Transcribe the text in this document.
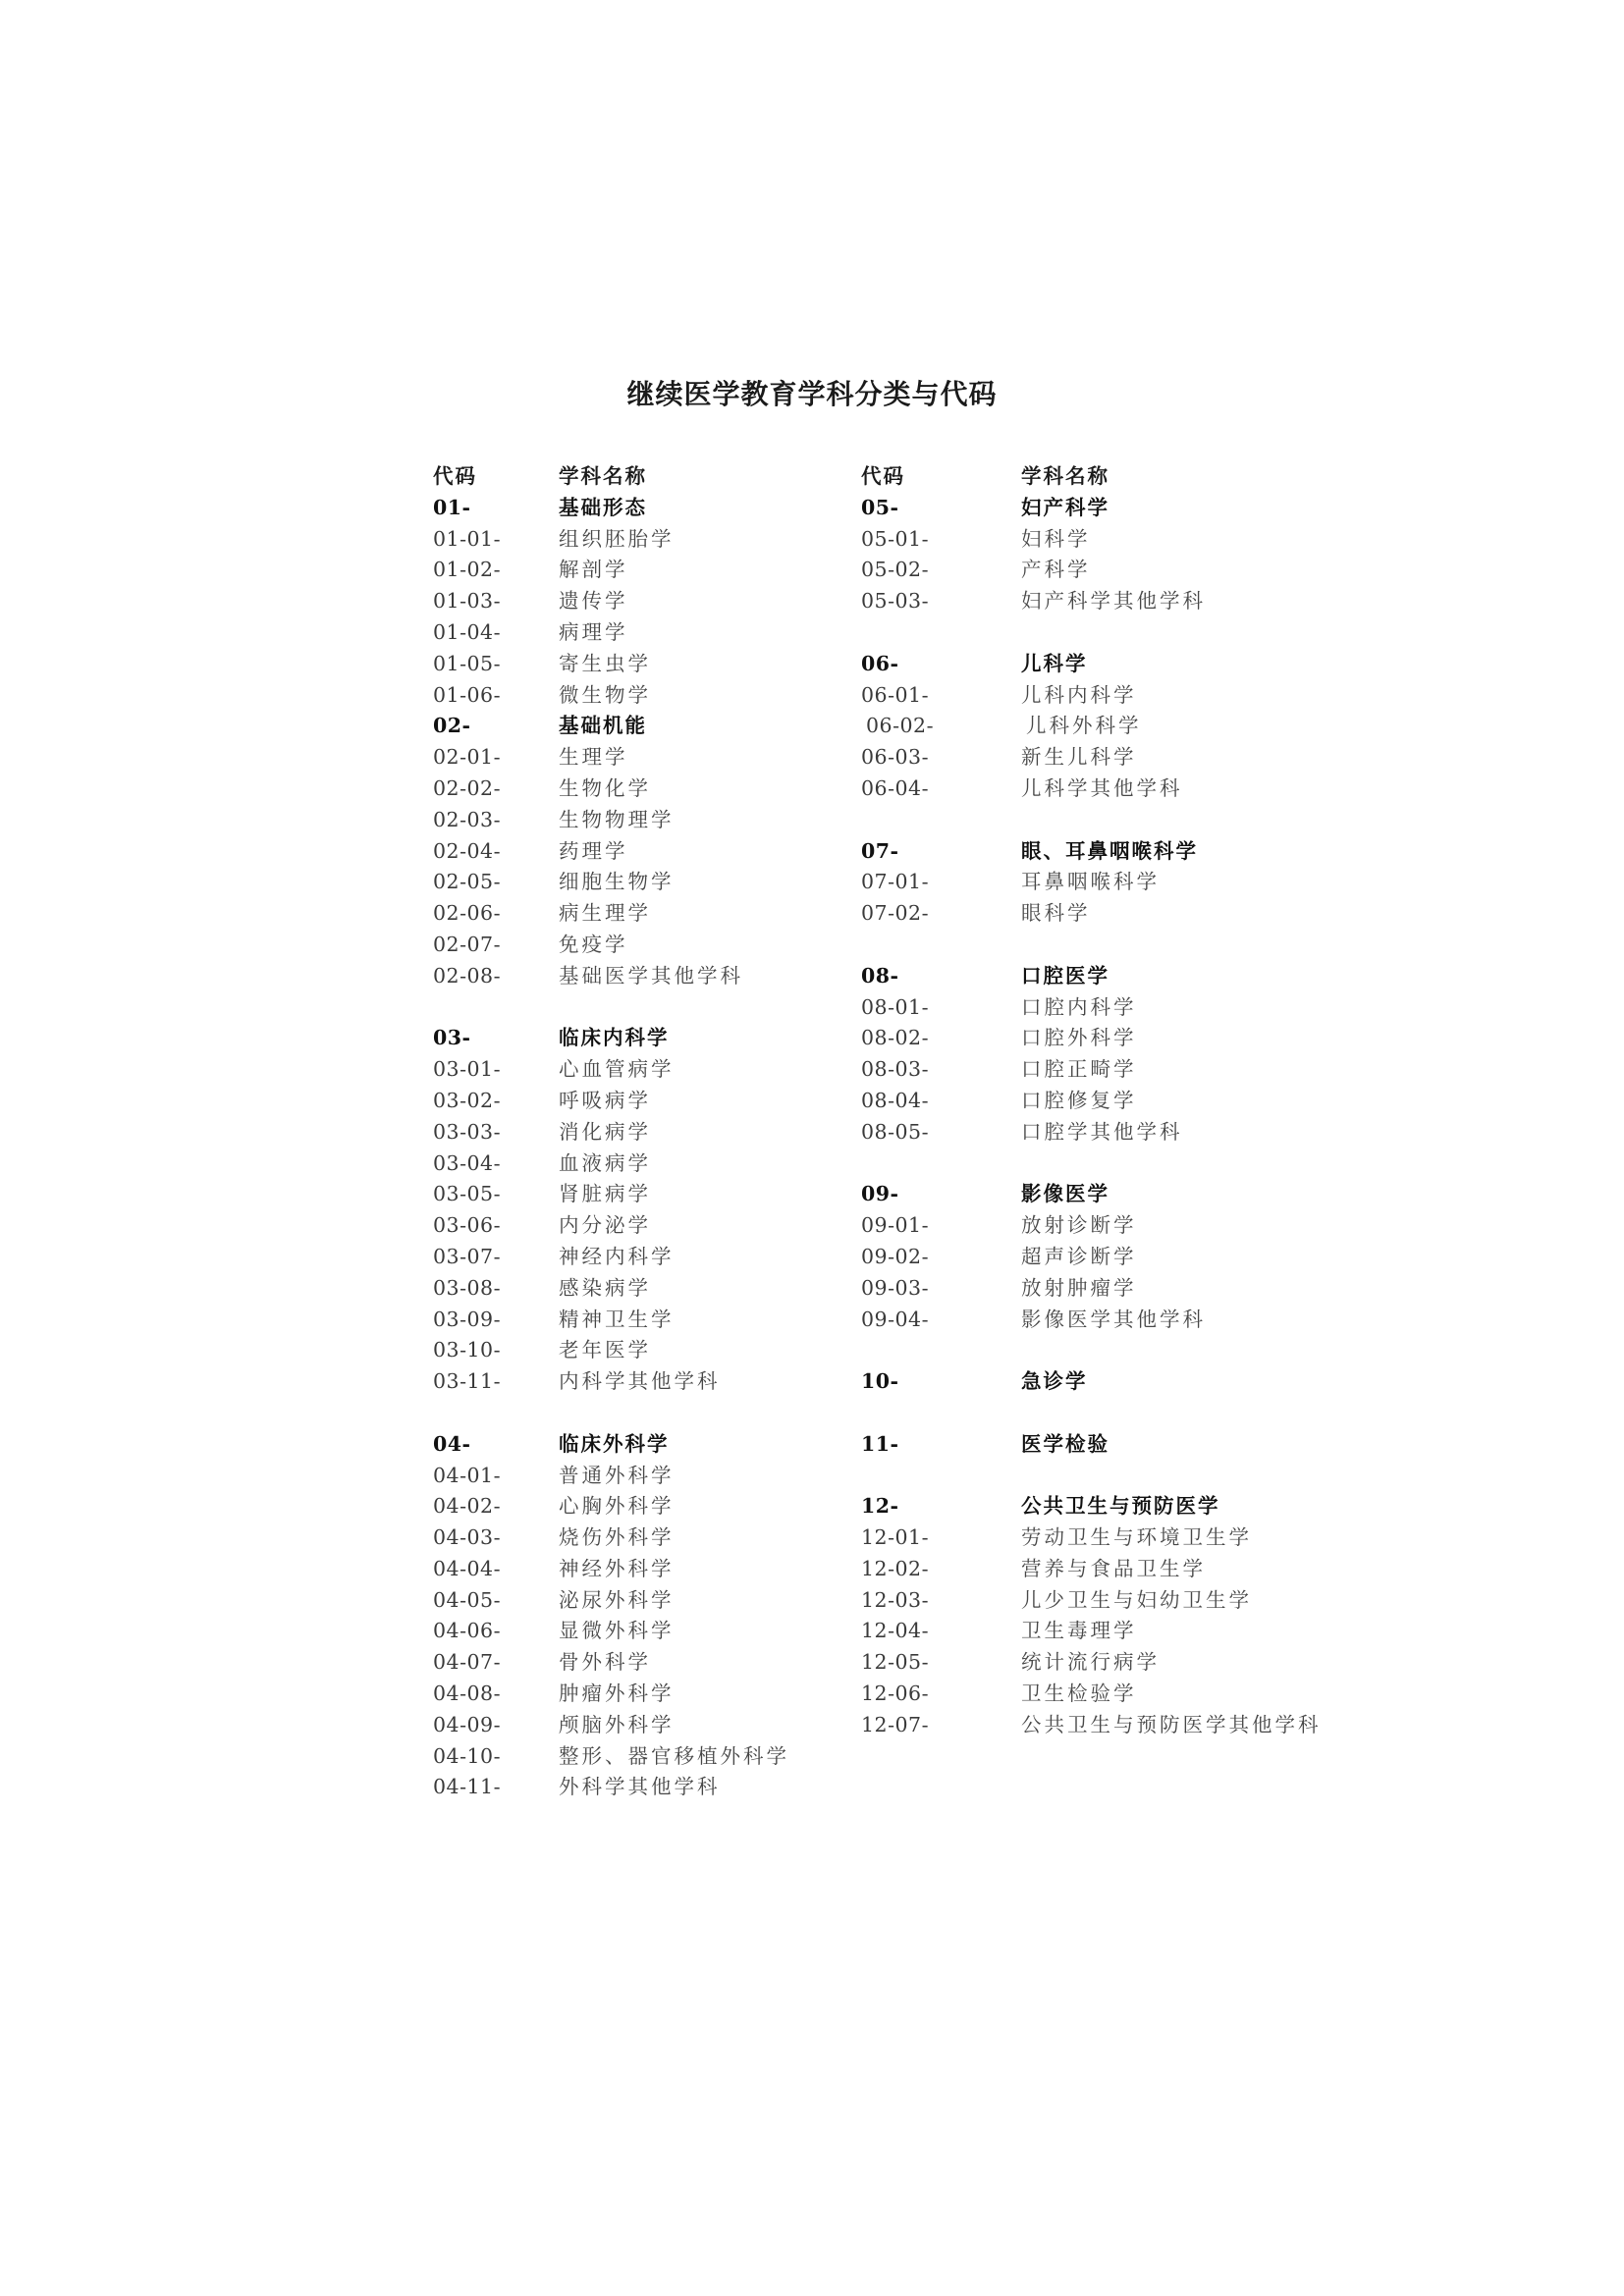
继续医学教育学科分类与代码
代码	学科名称
01-	基础形态
01-01-	组织胚胎学
01-02-	解剖学
01-03-	遗传学
01-04-	病理学
01-05-	寄生虫学
01-06-	微生物学
02-	基础机能
02-01-	生理学
02-02-	生物化学
02-03-	生物物理学
02-04-	药理学
02-05-	细胞生物学
02-06-	病生理学
02-07-	免疫学
02-08-	基础医学其他学科
03-	临床内科学
03-01-	心血管病学
03-02-	呼吸病学
03-03-	消化病学
03-04-	血液病学
03-05-	肾脏病学
03-06-	内分泌学
03-07-	神经内科学
03-08-	感染病学
03-09-	精神卫生学
03-10-	老年医学
03-11-	内科学其他学科
04-	临床外科学
04-01-	普通外科学
04-02-	心胸外科学
04-03-	烧伤外科学
04-04-	神经外科学
04-05-	泌尿外科学
04-06-	显微外科学
04-07-	骨外科学
04-08-	肿瘤外科学
04-09-	颅脑外科学
04-10-	整形、器官移植外科学
04-11-	外科学其他学科
代码	学科名称
05-	妇产科学
05-01-	妇科学
05-02-	产科学
05-03-	妇产科学其他学科
06-	儿科学
06-01-	儿科内科学
06-02-	儿科外科学
06-03-	新生儿科学
06-04-	儿科学其他学科
07-	眼、耳鼻咽喉科学
07-01-	耳鼻咽喉科学
07-02-	眼科学
08-	口腔医学
08-01-	口腔内科学
08-02-	口腔外科学
08-03-	口腔正畸学
08-04-	口腔修复学
08-05-	口腔学其他学科
09-	影像医学
09-01-	放射诊断学
09-02-	超声诊断学
09-03-	放射肿瘤学
09-04-	影像医学其他学科
10-	急诊学
11-	医学检验
12-	公共卫生与预防医学
12-01-	劳动卫生与环境卫生学
12-02-	营养与食品卫生学
12-03-	儿少卫生与妇幼卫生学
12-04-	卫生毒理学
12-05-	统计流行病学
12-06-	卫生检验学
12-07-	公共卫生与预防医学其他学科
